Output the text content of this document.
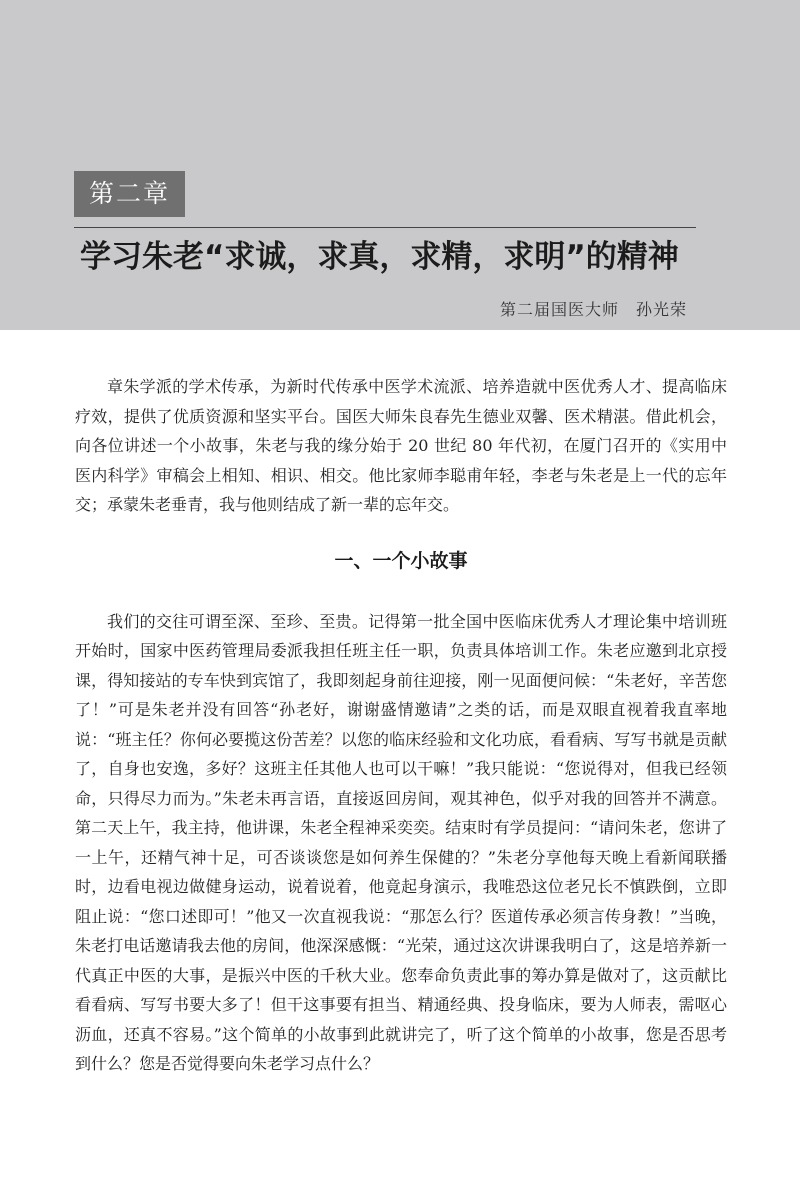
第二章
学习朱老“求诚，求真，求精，求明”的精神
第二届国医大师　孙光荣

章朱学派的学术传承，为新时代传承中医学术流派、培养造就中医优秀人才、提高临床疗效，提供了优质资源和坚实平台。国医大师朱良春先生德业双馨、医术精湛。借此机会，向各位讲述一个小故事，朱老与我的缘分始于 20 世纪 80 年代初，在厦门召开的《实用中医内科学》审稿会上相知、相识、相交。他比家师李聪甫年轻，李老与朱老是上一代的忘年交；承蒙朱老垂青，我与他则结成了新一辈的忘年交。

一、一个小故事

我们的交往可谓至深、至珍、至贵。记得第一批全国中医临床优秀人才理论集中培训班开始时，国家中医药管理局委派我担任班主任一职，负责具体培训工作。朱老应邀到北京授课，得知接站的专车快到宾馆了，我即刻起身前往迎接，刚一见面便问候：“朱老好，辛苦您了！”可是朱老并没有回答“孙老好，谢谢盛情邀请”之类的话，而是双眼直视着我直率地说：“班主任？你何必要揽这份苦差？以您的临床经验和文化功底，看看病、写写书就是贡献了，自身也安逸，多好？这班主任其他人也可以干嘛！”我只能说：“您说得对，但我已经领命，只得尽力而为。”朱老未再言语，直接返回房间，观其神色，似乎对我的回答并不满意。第二天上午，我主持，他讲课，朱老全程神采奕奕。结束时有学员提问：“请问朱老，您讲了一上午，还精气神十足，可否谈谈您是如何养生保健的？”朱老分享他每天晚上看新闻联播时，边看电视边做健身运动，说着说着，他竟起身演示，我唯恐这位老兄长不慎跌倒，立即阻止说：“您口述即可！”他又一次直视我说：“那怎么行？医道传承必须言传身教！”当晚，朱老打电话邀请我去他的房间，他深深感慨：“光荣，通过这次讲课我明白了，这是培养新一代真正中医的大事，是振兴中医的千秋大业。您奉命负责此事的筹办算是做对了，这贡献比看看病、写写书要大多了！但干这事要有担当、精通经典、投身临床，要为人师表，需呕心沥血，还真不容易。”这个简单的小故事到此就讲完了，听了这个简单的小故事，您是否思考到什么？您是否觉得要向朱老学习点什么？
